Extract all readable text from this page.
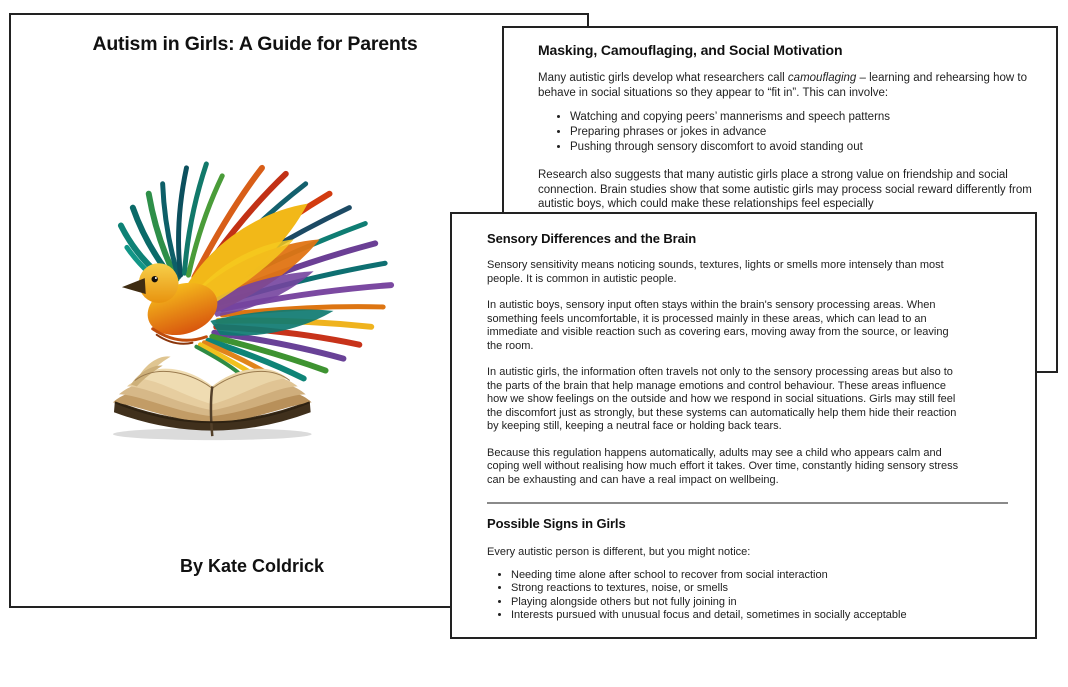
Autism in Girls: A Guide for Parents
By Kate Coldrick
Masking, Camouflaging, and Social Motivation

Many autistic girls develop what researchers call camouflaging – learning and rehearsing how to behave in social situations so they appear to “fit in”. This can involve:

• Watching and copying peers’ mannerisms and speech patterns
• Preparing phrases or jokes in advance
• Pushing through sensory discomfort to avoid standing out

Research also suggests that many autistic girls place a strong value on friendship and social connection. Brain studies show that some autistic girls may process social reward differently from autistic boys, which could make these relationships feel especially

Sensory Differences and the Brain

Sensory sensitivity means noticing sounds, textures, lights or smells more intensely than most people. It is common in autistic people.

In autistic boys, sensory input often stays within the brain's sensory processing areas. When something feels uncomfortable, it is processed mainly in these areas, which can lead to an immediate and visible reaction such as covering ears, moving away from the source, or leaving the room.

In autistic girls, the information often travels not only to the sensory processing areas but also to the parts of the brain that help manage emotions and control behaviour. These areas influence how we show feelings on the outside and how we respond in social situations. Girls may still feel the discomfort just as strongly, but these systems can automatically help them hide their reaction by keeping still, keeping a neutral face or holding back tears.

Because this regulation happens automatically, adults may see a child who appears calm and coping well without realising how much effort it takes. Over time, constantly hiding sensory stress can be exhausting and can have a real impact on wellbeing.

Possible Signs in Girls

Every autistic person is different, but you might notice:

• Needing time alone after school to recover from social interaction
• Strong reactions to textures, noise, or smells
• Playing alongside others but not fully joining in
• Interests pursued with unusual focus and detail, sometimes in socially acceptable
